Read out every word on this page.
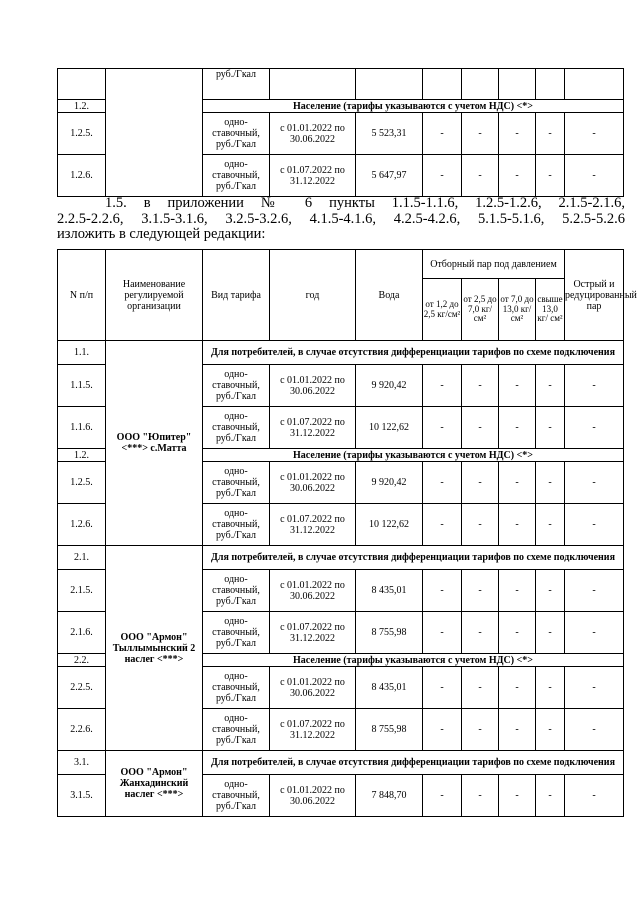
		руб./Гкал							
1.2.		Население (тарифы указываются с учетом НДС) <*>							
1.2.5.		одно-ставочный, руб./Гкал	с 01.01.2022 по 30.06.2022	5 523,31	-	-	-	-	-
1.2.6.		одно-ставочный, руб./Гкал	с 01.07.2022 по 31.12.2022	5 647,97	-	-	-	-	-
1.5. в приложении № 6 пункты 1.1.5-1.1.6, 1.2.5-1.2.6, 2.1.5-2.1.6,
2.2.5-2.2.6, 3.1.5-3.1.6, 3.2.5-3.2.6, 4.1.5-4.1.6, 4.2.5-4.2.6, 5.1.5-5.1.6, 5.2.5-5.2.6
изложить в следующей редакции:
N п/п	Наименование регулируемой организации	Вид тарифа	год	Вода	Отборный пар под давлением				Острый и редуцированный пар
					от 1,2 до 2,5 кг/см²	от 2,5 до 7,0 кг/ см²	от 7,0 до 13,0 кг/ см²	свыше 13,0 кг/ см²	
1.1.	ООО "Юпитер" <***> с.Матта	Для потребителей, в случае отсутствия дифференциации тарифов по схеме подключения							
1.1.5.		одно-ставочный, руб./Гкал	с 01.01.2022 по 30.06.2022	9 920,42	-	-	-	-	-
1.1.6.		одно-ставочный, руб./Гкал	с 01.07.2022 по 31.12.2022	10 122,62	-	-	-	-	-
1.2.		Население (тарифы указываются с учетом НДС) <*>							
1.2.5.		одно-ставочный, руб./Гкал	с 01.01.2022 по 30.06.2022	9 920,42	-	-	-	-	-
1.2.6.		одно-ставочный, руб./Гкал	с 01.07.2022 по 31.12.2022	10 122,62	-	-	-	-	-
2.1.	ООО "Армон" Тыллымынский 2 наслег <***>	Для потребителей, в случае отсутствия дифференциации тарифов по схеме подключения							
2.1.5.		одно-ставочный, руб./Гкал	с 01.01.2022 по 30.06.2022	8 435,01	-	-	-	-	-
2.1.6.		одно-ставочный, руб./Гкал	с 01.07.2022 по 31.12.2022	8 755,98	-	-	-	-	-
2.2.		Население (тарифы указываются с учетом НДС) <*>							
2.2.5.		одно-ставочный, руб./Гкал	с 01.01.2022 по 30.06.2022	8 435,01	-	-	-	-	-
2.2.6.		одно-ставочный, руб./Гкал	с 01.07.2022 по 31.12.2022	8 755,98	-	-	-	-	-
3.1.	ООО "Армон" Жанхадинский наслег <***>	Для потребителей, в случае отсутствия дифференциации тарифов по схеме подключения							
3.1.5.		одно-ставочный, руб./Гкал	с 01.01.2022 по 30.06.2022	7 848,70	-	-	-	-	-
